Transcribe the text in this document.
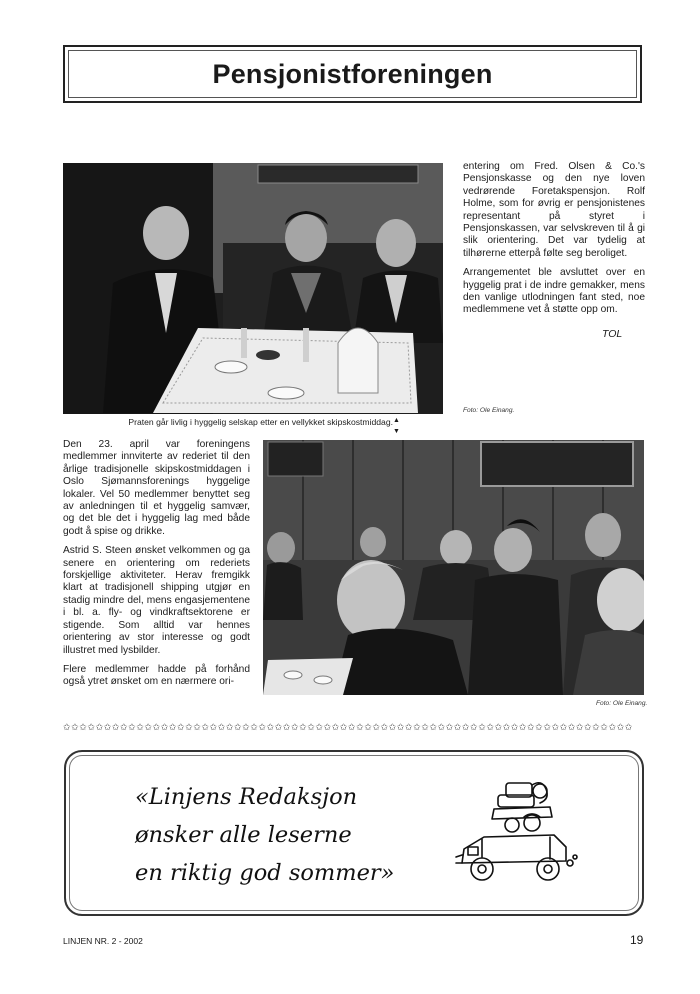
Pensjonistforeningen
Praten går livlig i hyggelig selskap etter en vellykket skipskostmiddag. ▲
▼

entering om Fred. Olsen & Co.'s Pensjonskasse og den nye loven vedrørende Foretakspensjon. Rolf Holme, som for øvrig er pensjonistenes representant på styret i Pensjonskassen, var selvskreven til å gi slik orientering. Det var tydelig at tilhørerne etterpå følte seg beroliget.

Arrangementet ble avsluttet over en hyggelig prat i de indre gemakker, mens den vanlige utlodningen fant sted, noe medlemmene vet å støtte opp om.

TOL
Foto: Ole Einang.

Den 23. april var foreningens medlemmer innviterte av rederiet til den årlige tradisjonelle skipskostmiddagen i Oslo Sjømannsforenings hyggelige lokaler. Vel 50 medlemmer benyttet seg av anledningen til et hyggelig samvær, og det ble det i hyggelig lag med både godt å spise og drikke.

Astrid S. Steen ønsket velkommen og ga senere en orientering om rederiets forskjellige aktiviteter. Herav fremgikk klart at tradisjonell shipping utgjør en stadig mindre del, mens engasjementene i bl. a. fly- og vindkraftsektorene er stigende. Som alltid var hennes orientering av stor interesse og godt illustret med lysbilder.

Flere medlemmer hadde på forhånd også ytret ønsket om en nærmere ori-

Foto: Ole Einang.
✩✩✩✩✩✩✩✩✩✩✩✩✩✩✩✩✩✩✩✩✩✩✩✩✩✩✩✩✩✩✩✩✩✩✩✩✩✩✩✩✩✩✩✩✩✩✩✩✩✩✩✩✩✩✩✩✩✩✩✩✩✩✩✩✩✩✩✩✩✩
«Linjens Redaksjon
ønsker alle leserne
en riktig god sommer»
LINJEN NR. 2 - 2002	19
